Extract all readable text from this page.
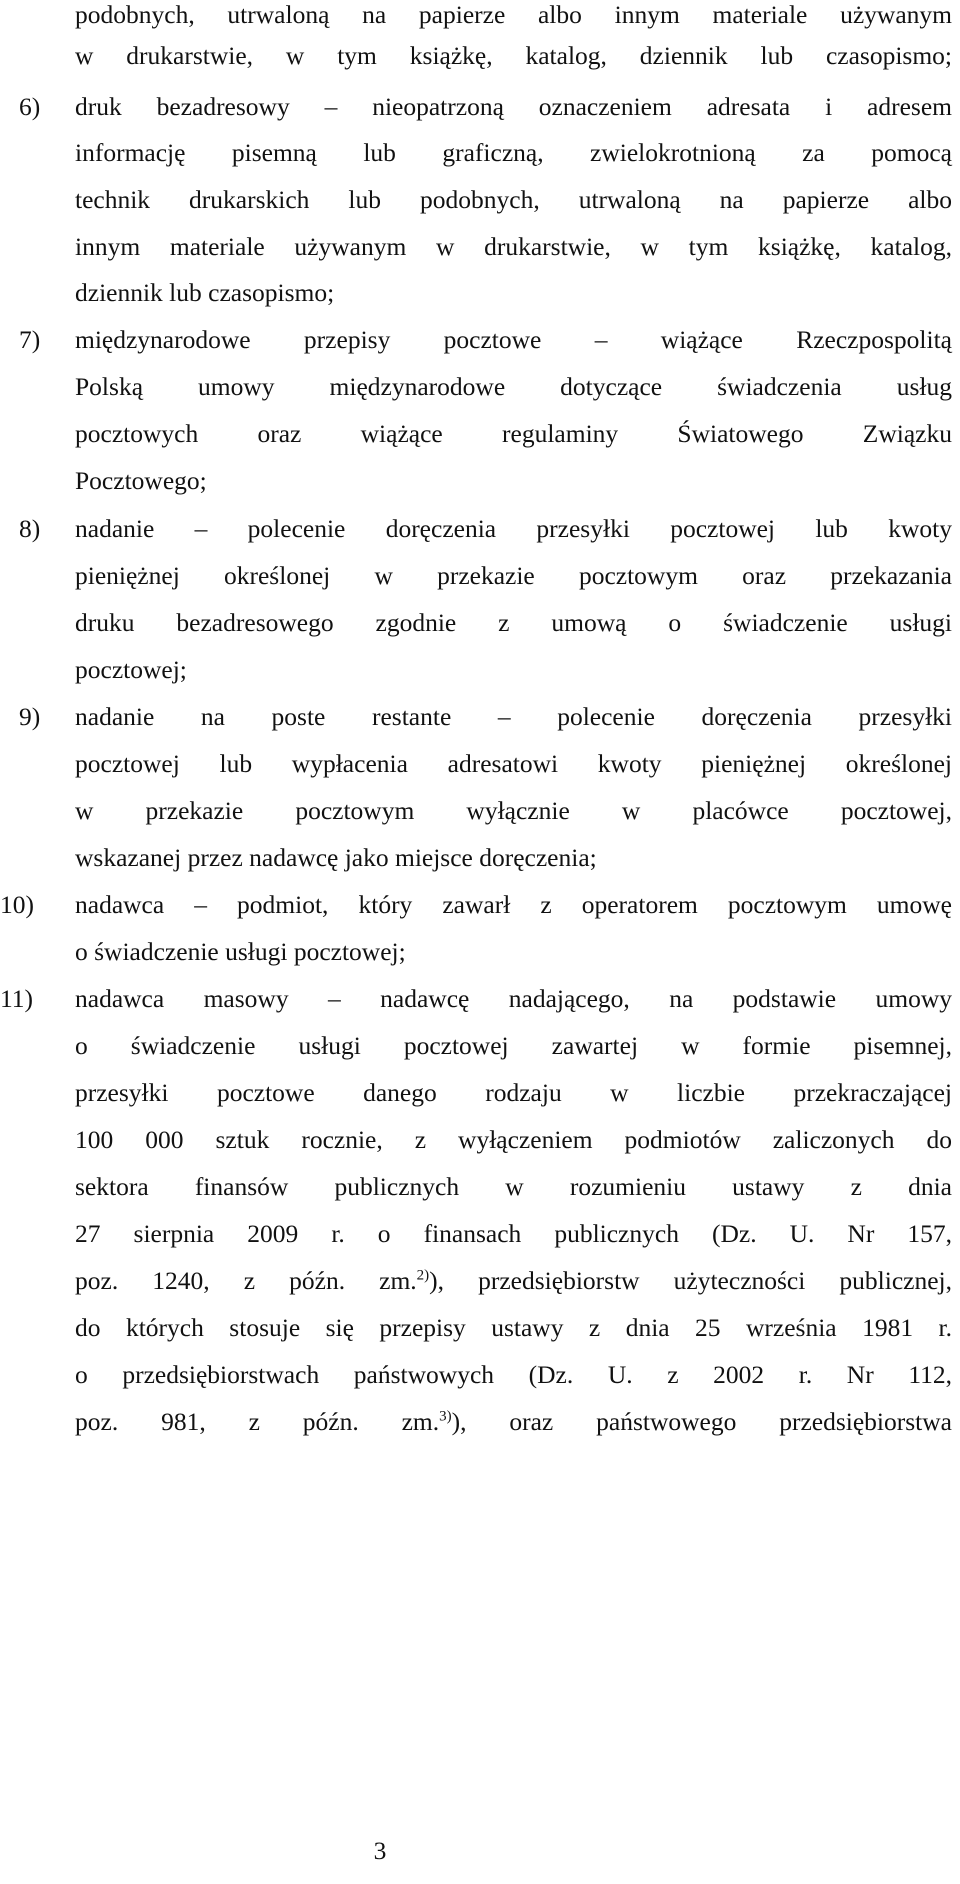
podobnych, utrwaloną na papierze albo innym materiale używanym
w drukarstwie, w tym książkę, katalog, dziennik lub czasopismo;
6) druk bezadresowy – nieopatrzoną oznaczeniem adresata i adresem
informację pisemną lub graficzną, zwielokrotnioną za pomocą
technik drukarskich lub podobnych, utrwaloną na papierze albo
innym materiale używanym w drukarstwie, w tym książkę, katalog,
dziennik lub czasopismo;
7) międzynarodowe przepisy pocztowe – wiążące Rzeczpospolitą
Polską umowy międzynarodowe dotyczące świadczenia usług
pocztowych oraz wiążące regulaminy Światowego Związku
Pocztowego;
8) nadanie – polecenie doręczenia przesyłki pocztowej lub kwoty
pieniężnej określonej w przekazie pocztowym oraz przekazania
druku bezadresowego zgodnie z umową o świadczenie usługi
pocztowej;
9) nadanie na poste restante – polecenie doręczenia przesyłki
pocztowej lub wypłacenia adresatowi kwoty pieniężnej określonej
w przekazie pocztowym wyłącznie w placówce pocztowej,
wskazanej przez nadawcę jako miejsce doręczenia;
10) nadawca – podmiot, który zawarł z operatorem pocztowym umowę
o świadczenie usługi pocztowej;
11) nadawca masowy – nadawcę nadającego, na podstawie umowy
o świadczenie usługi pocztowej zawartej w formie pisemnej,
przesyłki pocztowe danego rodzaju w liczbie przekraczającej
100 000 sztuk rocznie, z wyłączeniem podmiotów zaliczonych do
sektora finansów publicznych w rozumieniu ustawy z dnia
27 sierpnia 2009 r. o finansach publicznych (Dz. U. Nr 157,
poz. 1240, z późn. zm.$^{2)}$), przedsiębiorstw użyteczności publicznej,
do których stosuje się przepisy ustawy z dnia 25 września 1981 r.
o przedsiębiorstwach państwowych (Dz. U. z 2002 r. Nr 112,
poz. 981, z późn. zm.$^{3)}$), oraz państwowego przedsiębiorstwa
3
